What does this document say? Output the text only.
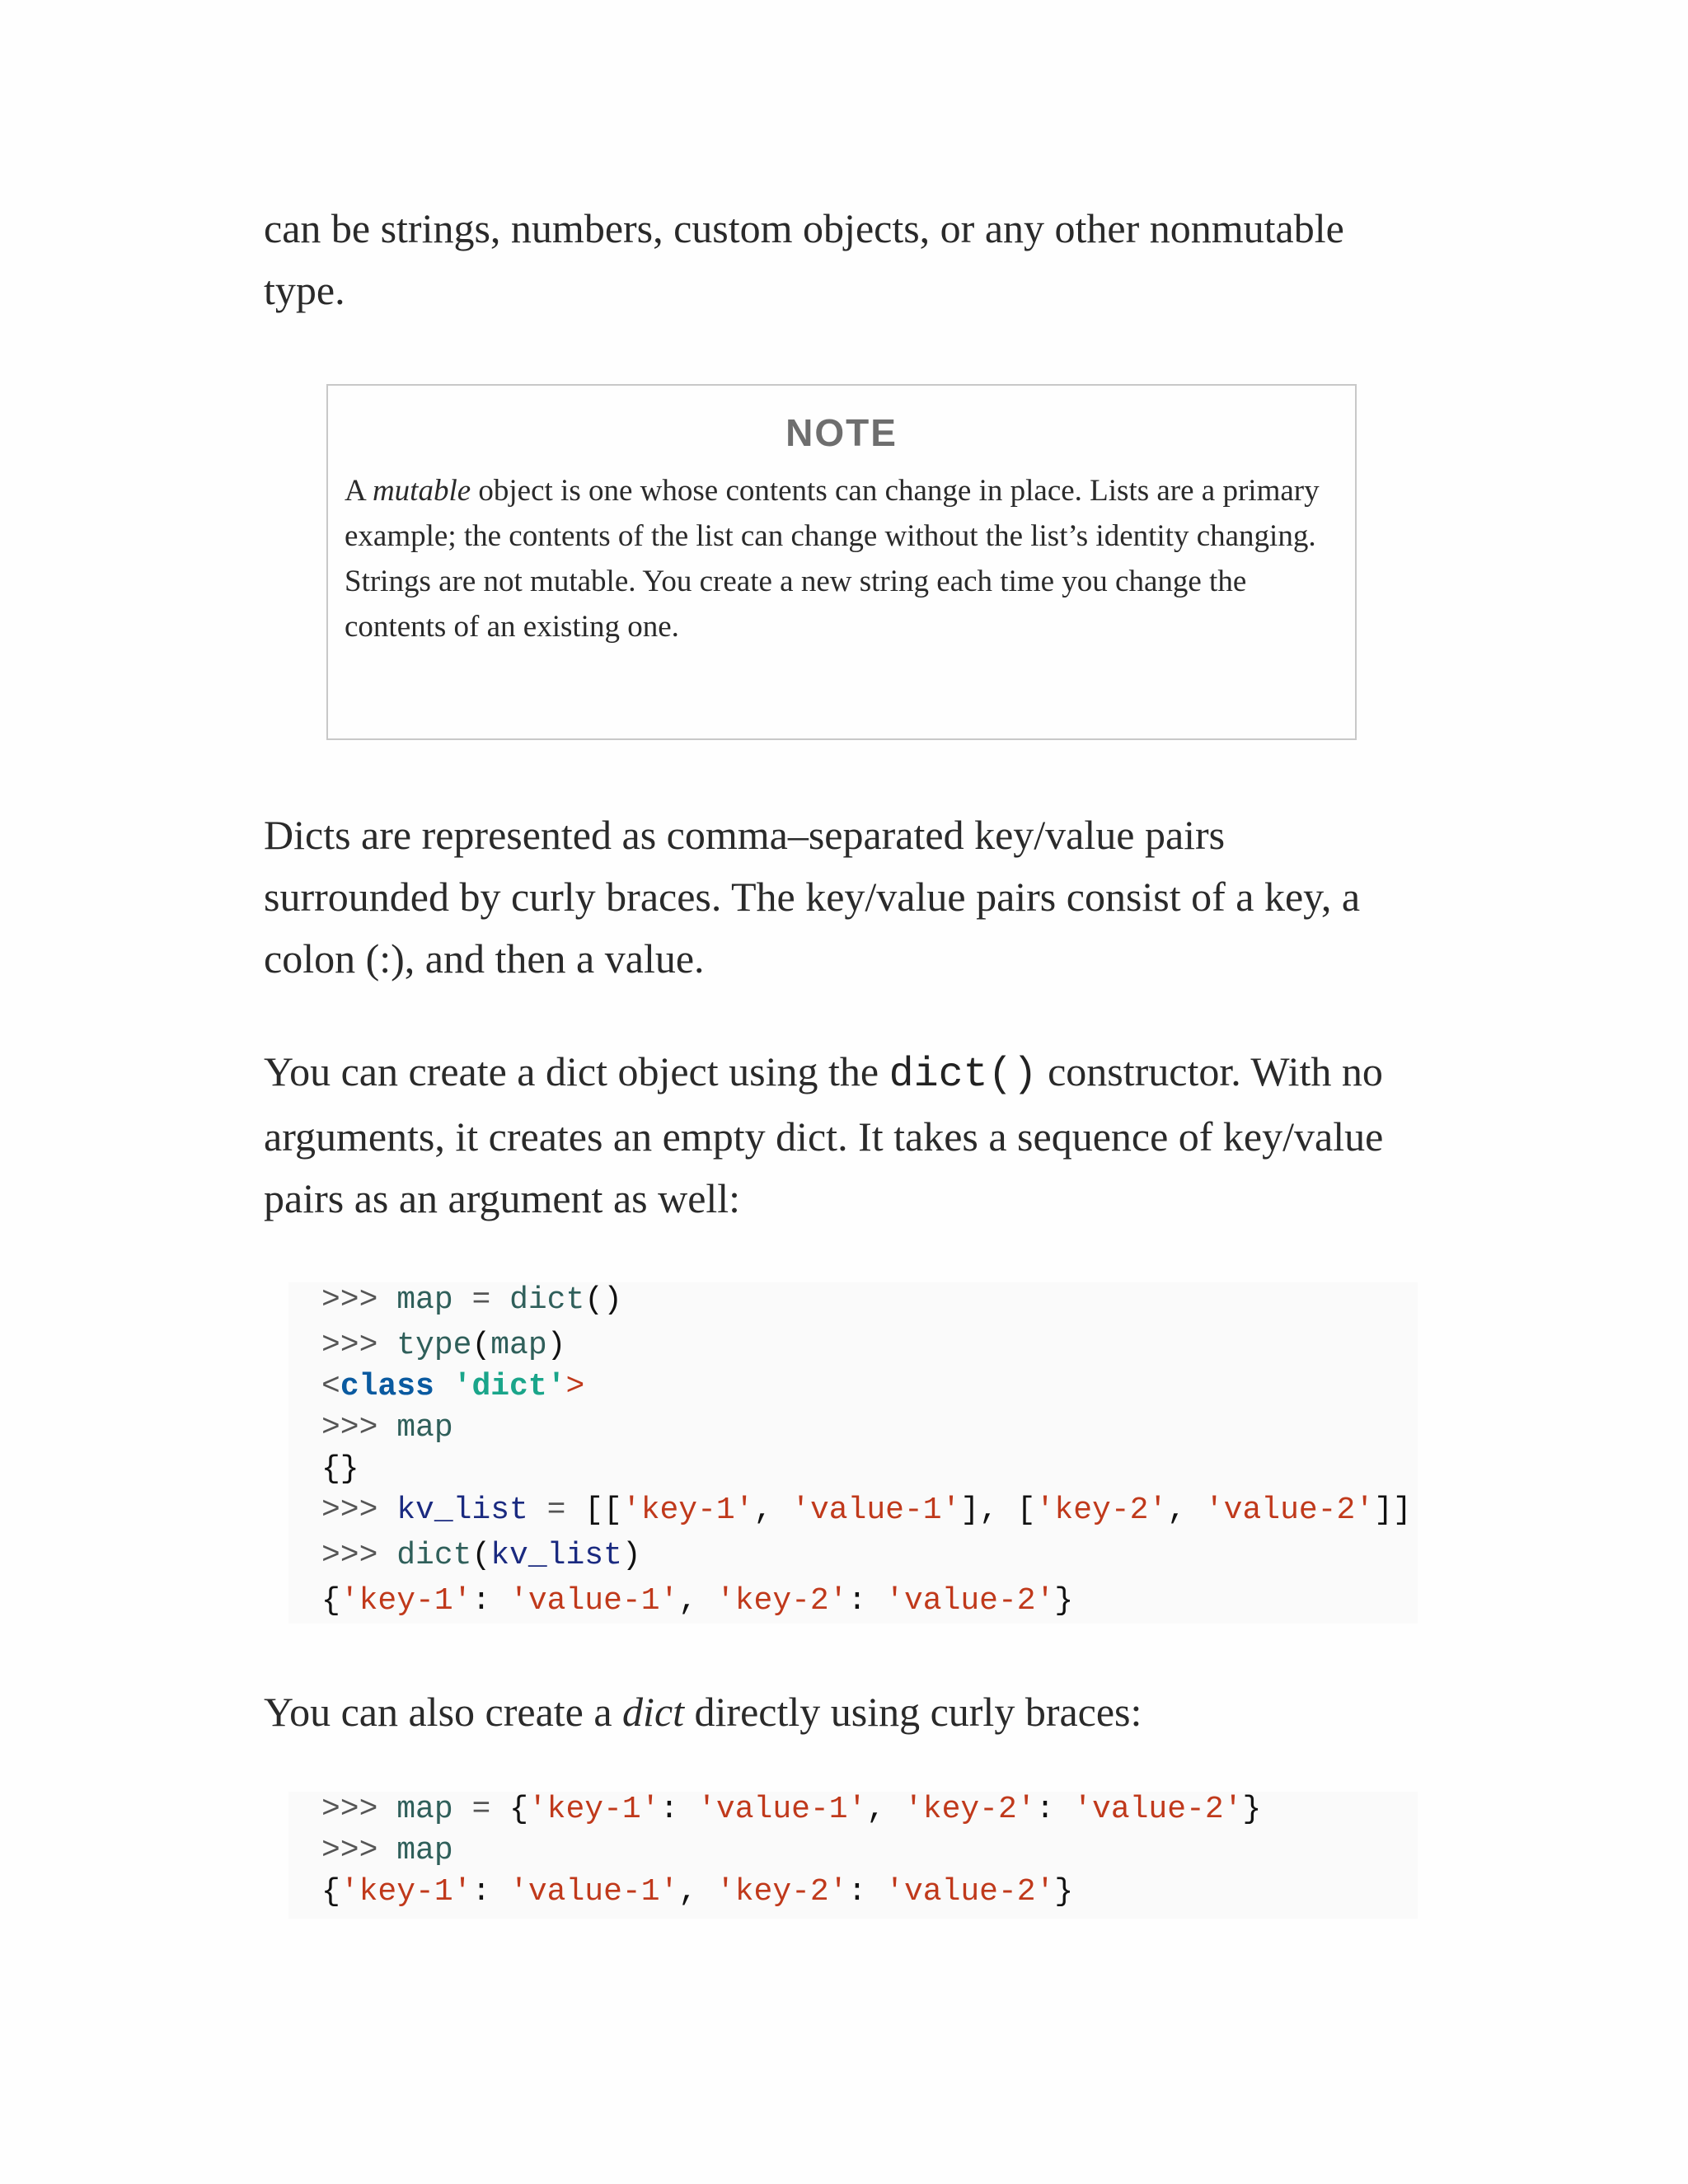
can be strings, numbers, custom objects, or any other nonmutable type.

NOTE
A mutable object is one whose contents can change in place. Lists are a primary example; the contents of the list can change without the list’s identity changing. Strings are not mutable. You create a new string each time you change the contents of an existing one.

Dicts are represented as comma–separated key/value pairs surrounded by curly braces. The key/value pairs consist of a key, a colon (:), and then a value.

You can create a dict object using the dict() constructor. With no arguments, it creates an empty dict. It takes a sequence of key/value pairs as an argument as well:

>>> map = dict()

>>> type(map)

<class 'dict'>

>>> map

{}

>>> kv_list = [['key-1', 'value-1'], ['key-2', 'value-2']]

>>> dict(kv_list)

{'key-1': 'value-1', 'key-2': 'value-2'}

You can also create a dict directly using curly braces:

>>> map = {'key-1': 'value-1', 'key-2': 'value-2'}

>>> map

{'key-1': 'value-1', 'key-2': 'value-2'}
